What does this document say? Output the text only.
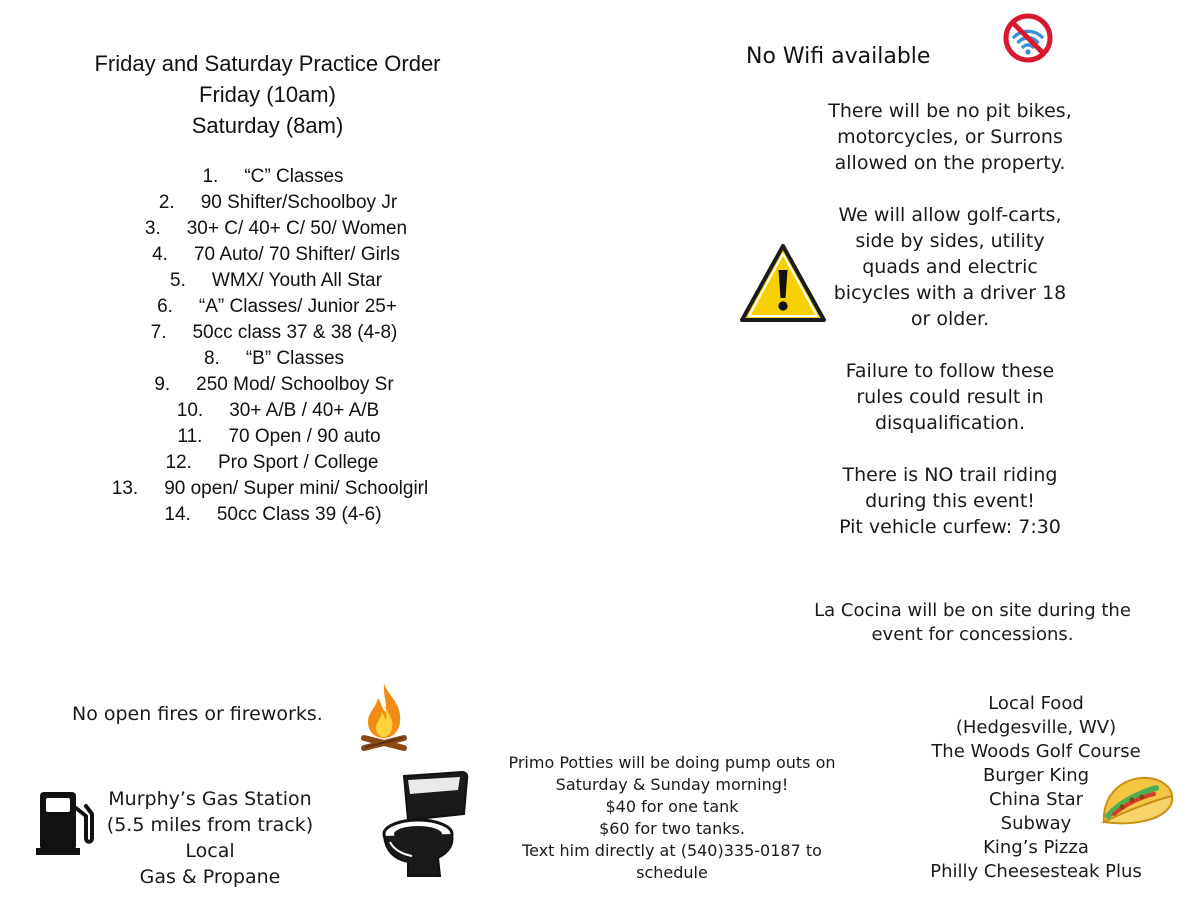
Friday and Saturday Practice Order
Friday (10am)
Saturday (8am)
1. “C” Classes
2. 90 Shifter/Schoolboy Jr
3. 30+ C/ 40+ C/ 50/ Women
4. 70 Auto/ 70 Shifter/ Girls
5. WMX/ Youth All Star
6. “A” Classes/ Junior 25+
7. 50cc class 37 & 38 (4-8)
8. “B” Classes
9. 250 Mod/ Schoolboy Sr
10. 30+ A/B / 40+ A/B
11. 70 Open / 90 auto
12. Pro Sport / College
13. 90 open/ Super mini/ Schoolgirl
14. 50cc Class 39 (4-6)
No Wifi available
There will be no pit bikes,
motorcycles, or Surrons
allowed on the property.
We will allow golf-carts,
side by sides, utility
quads and electric
bicycles with a driver 18
or older.
Failure to follow these
rules could result in
disqualification.
There is NO trail riding
during this event!
Pit vehicle curfew: 7:30
La Cocina will be on site during the
event for concessions.
No open fires or fireworks.
Murphy’s Gas Station
(5.5 miles from track)
Local
Gas & Propane
Primo Potties will be doing pump outs on
Saturday & Sunday morning!
$40 for one tank
$60 for two tanks.
Text him directly at (540)335-0187 to
schedule
Local Food
(Hedgesville, WV)
The Woods Golf Course
Burger King
China Star
Subway
King’s Pizza
Philly Cheesesteak Plus
